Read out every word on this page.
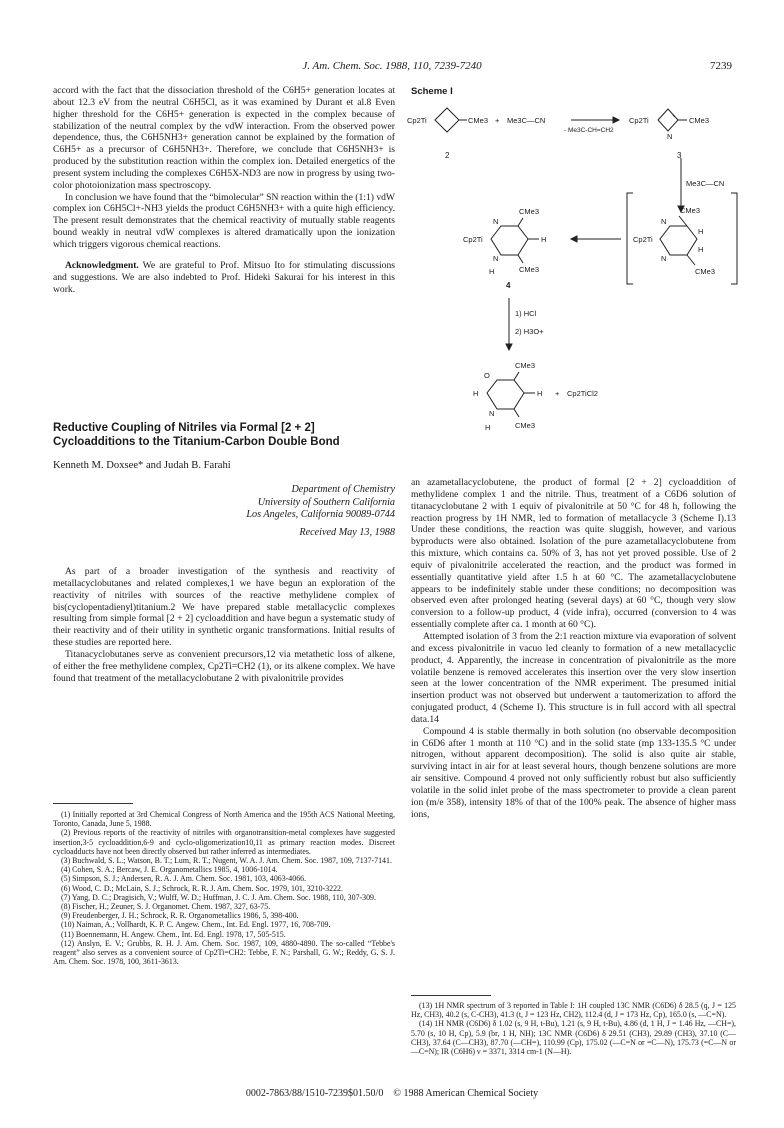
J. Am. Chem. Soc. 1988, 110, 7239-7240	7239

accord with the fact that the dissociation threshold of the C6H5+ generation locates at about 12.3 eV from the neutral C6H5Cl, as it was examined by Durant et al.8 Even higher threshold for the C6H5+ generation is expected in the complex because of stabilization of the neutral complex by the vdW interaction. From the observed power dependence, thus, the C6H5NH3+ generation cannot be explained by the formation of C6H5+ as a precursor of C6H5NH3+. Therefore, we conclude that C6H5NH3+ is produced by the substitution reaction within the complex ion. Detailed energetics of the present system including the complexes C6H5X-ND3 are now in progress by using two-color photoionization mass spectroscopy.

In conclusion we have found that the “bimolecular” SN reaction within the (1:1) vdW complex ion C6H5Cl+-NH3 yields the product C6H5NH3+ with a quite high efficiency. The present result demonstrates that the chemical reactivity of mutually stable reagents bound weakly in neutral vdW complexes is altered dramatically upon the ionization which triggers vigorous chemical reactions.

Acknowledgment. We are grateful to Prof. Mitsuo Ito for stimulating discussions and suggestions. We are also indebted to Prof. Hideki Sakurai for his interest in this work.

Reductive Coupling of Nitriles via Formal [2 + 2] Cycloadditions to the Titanium-Carbon Double Bond
Kenneth M. Doxsee* and Judah B. Farahi
Department of Chemistry
University of Southern California
Los Angeles, California 90089-0744
Received May 13, 1988

As part of a broader investigation of the synthesis and reactivity of metallacyclobutanes and related complexes,1 we have begun an exploration of the reactivity of nitriles with sources of the reactive methylidene complex of bis(cyclopentadienyl)titanium.2 We have prepared stable metallacyclic complexes resulting from simple formal [2 + 2] cycloaddition and have begun a systematic study of their reactivity and of their utility in synthetic organic transformations. Initial results of these studies are reported here.

Titanacyclobutanes serve as convenient precursors,12 via metathetic loss of alkene, of either the free methylidene complex, Cp2Ti=CH2 (1), or its alkene complex. We have found that treatment of the metallacyclobutane 2 with pivalonitrile provides

(1) Initially reported at 3rd Chemical Congress of North America and the 195th ACS National Meeting, Toronto, Canada, June 5, 1988.

(2) Previous reports of the reactivity of nitriles with organotransition-metal complexes have suggested insertion,3-5 cycloaddition,6-9 and cyclo-oligomerization10,11 as primary reaction modes. Discreet cycloadducts have not been directly observed but rather inferred as intermediates.

(3) Buchwald, S. L.; Watson, B. T.; Lum, R. T.; Nugent, W. A. J. Am. Chem. Soc. 1987, 109, 7137-7141.

(4) Cohen, S. A.; Bercaw, J. E. Organometallics 1985, 4, 1006-1014.

(5) Simpson, S. J.; Andersen, R. A. J. Am. Chem. Soc. 1981, 103, 4063-4066.

(6) Wood, C. D.; McLain, S. J.; Schrock, R. R. J. Am. Chem. Soc. 1979, 101, 3210-3222.

(7) Yang, D. C.; Dragisich, V.; Wulff, W. D.; Huffman, J. C. J. Am. Chem. Soc. 1988, 110, 307-309.

(8) Fischer, H.; Zeuner, S. J. Organomet. Chem. 1987, 327, 63-75.

(9) Freudenberger, J. H.; Schrock, R. R. Organometallics 1986, 5, 398-400.

(10) Naiman, A.; Vollhardt, K. P. C. Angew. Chem., Int. Ed. Engl. 1977, 16, 708-709.

(11) Boennemann, H. Angew. Chem., Int. Ed. Engl. 1978, 17, 505-515.

(12) Anslyn, E. V.; Grubbs, R. H. J. Am. Chem. Soc. 1987, 109, 4880-4890. The so-called “Tebbe's reagent” also serves as a convenient source of Cp2Ti=CH2: Tebbe, F. N.; Parshall, G. W.; Reddy, G. S. J. Am. Chem. Soc. 1978, 100, 3611-3613.

Scheme I
Cp2Ti	CMe3 + Me3C—CN
- Me3C-CH=CH2
Cp2Ti	CMe3
N
2	3
Me3C—CN
CMe3
N
H
Cp2Ti
N
H
CMe3
CMe3
N
Cp2Ti	H
N
H	CMe3
4
1) HCl
2) H3O+
CMe3
O
H	H + Cp2TiCl2
N
H	CMe3

an azametallacyclobutene, the product of formal [2 + 2] cycloaddition of methylidene complex 1 and the nitrile. Thus, treatment of a C6D6 solution of titanacyclobutane 2 with 1 equiv of pivalonitrile at 50 °C for 48 h, following the reaction progress by 1H NMR, led to formation of metallacycle 3 (Scheme I).13 Under these conditions, the reaction was quite sluggish, however, and various byproducts were also obtained. Isolation of the pure azametallacyclobutene from this mixture, which contains ca. 50% of 3, has not yet proved possible. Use of 2 equiv of pivalonitrile accelerated the reaction, and the product was formed in essentially quantitative yield after 1.5 h at 60 °C. The azametallacyclobutene appears to be indefinitely stable under these conditions; no decomposition was observed even after prolonged heating (several days) at 60 °C, though very slow conversion to a follow-up product, 4 (vide infra), occurred (conversion to 4 was essentially complete after ca. 1 month at 60 °C).

Attempted isolation of 3 from the 2:1 reaction mixture via evaporation of solvent and excess pivalonitrile in vacuo led cleanly to formation of a new metallacyclic product, 4. Apparently, the increase in concentration of pivalonitrile as the more volatile benzene is removed accelerates this insertion over the very slow insertion seen at the lower concentration of the NMR experiment. The presumed initial insertion product was not observed but underwent a tautomerization to afford the conjugated product, 4 (Scheme I). This structure is in full accord with all spectral data.14

Compound 4 is stable thermally in both solution (no observable decomposition in C6D6 after 1 month at 110 °C) and in the solid state (mp 133-135.5 °C under nitrogen, without apparent decomposition). The solid is also quite air stable, surviving intact in air for at least several hours, though benzene solutions are more air sensitive. Compound 4 proved not only sufficiently robust but also sufficiently volatile in the solid inlet probe of the mass spectrometer to provide a clean parent ion (m/e 358), intensity 18% of that of the 100% peak. The absence of higher mass ions,

(13) 1H NMR spectrum of 3 reported in Table I: 1H coupled 13C NMR (C6D6) δ 28.5 (q, J = 125 Hz, CH3), 40.2 (s, C-CH3), 41.3 (t, J = 123 Hz, CH2), 112.4 (d, J = 173 Hz, Cp), 165.0 (s, —C=N).

(14) 1H NMR (C6D6) δ 1.02 (s, 9 H, t-Bu), 1.21 (s, 9 H, t-Bu), 4.86 (d, 1 H, J = 1.46 Hz, —CH=), 5.70 (s, 10 H, Cp), 5.9 (br, 1 H, NH); 13C NMR (C6D6) δ 29.51 (CH3), 29.89 (CH3), 37.10 (C—CH3), 37.64 (C—CH3), 87.70 (—CH=), 110.99 (Cp), 175.02 (—C=N or =C—N), 175.73 (=C—N or —C=N); IR (C6H6) ν = 3371, 3314 cm-1 (N—H).

0002-7863/88/1510-7239$01.50/0 © 1988 American Chemical Society
